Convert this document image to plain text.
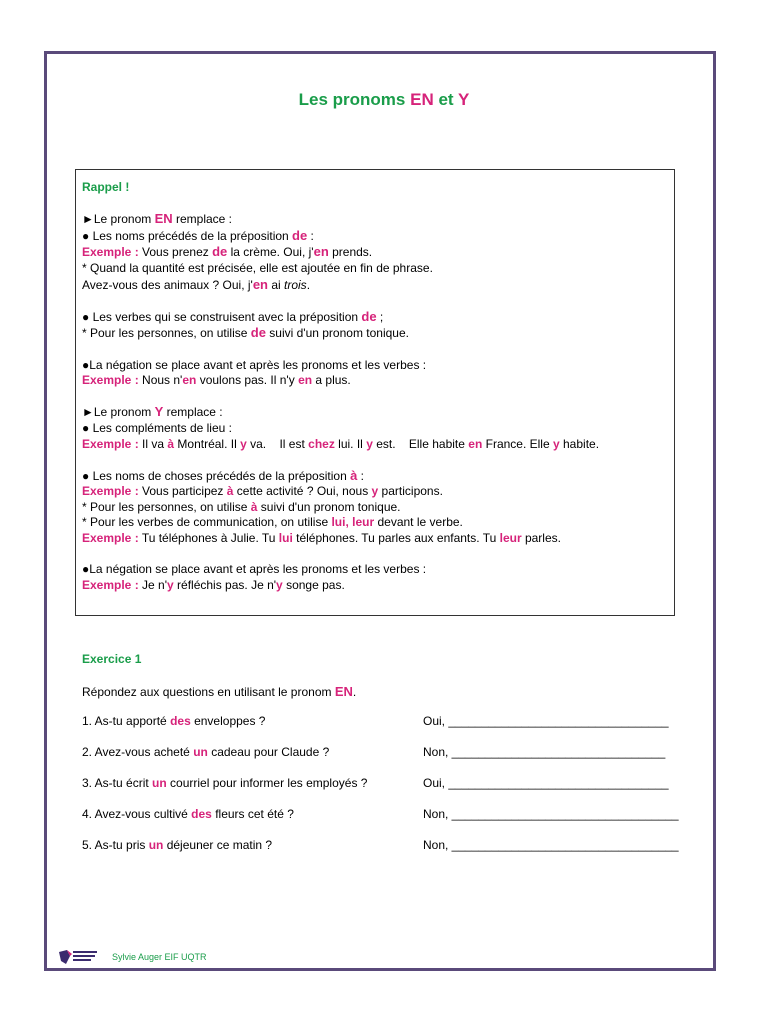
Les pronoms EN et Y
Rappel !
►Le pronom EN remplace :
● Les noms précédés de la préposition de :
Exemple : Vous prenez de la crème. Oui, j'en prends.
* Quand la quantité est précisée, elle est ajoutée en fin de phrase.
Avez-vous des animaux ? Oui, j'en ai trois.
● Les verbes qui se construisent avec la préposition de ;
* Pour les personnes, on utilise de suivi d'un pronom tonique.
●La négation se place avant et après les pronoms et les verbes :
Exemple : Nous n'en voulons pas. Il n'y en a plus.
►Le pronom Y remplace :
● Les compléments de lieu :
Exemple : Il va à Montréal. Il y va.    Il est chez lui. Il y est.    Elle habite en France. Elle y habite.
● Les noms de choses précédés de la préposition à :
Exemple : Vous participez à cette activité ? Oui, nous y participons.
* Pour les personnes, on utilise à suivi d'un pronom tonique.
* Pour les verbes de communication, on utilise lui, leur devant le verbe.
Exemple : Tu téléphones à Julie. Tu lui téléphones. Tu parles aux enfants. Tu leur parles.
●La négation se place avant et après les pronoms et les verbes :
Exemple : Je n'y réfléchis pas. Je n'y songe pas.
Exercice 1
Répondez aux questions en utilisant le pronom EN.
1. As-tu apporté des enveloppes ?	Oui, _________________________________
2. Avez-vous acheté un cadeau pour Claude ?	Non, ________________________________
3. As-tu écrit un courriel pour informer les employés ?	Oui, _________________________________
4. Avez-vous cultivé des fleurs cet été ?	Non, __________________________________
5. As-tu pris un déjeuner ce matin ?	Non, __________________________________
Sylvie Auger EIF UQTR
